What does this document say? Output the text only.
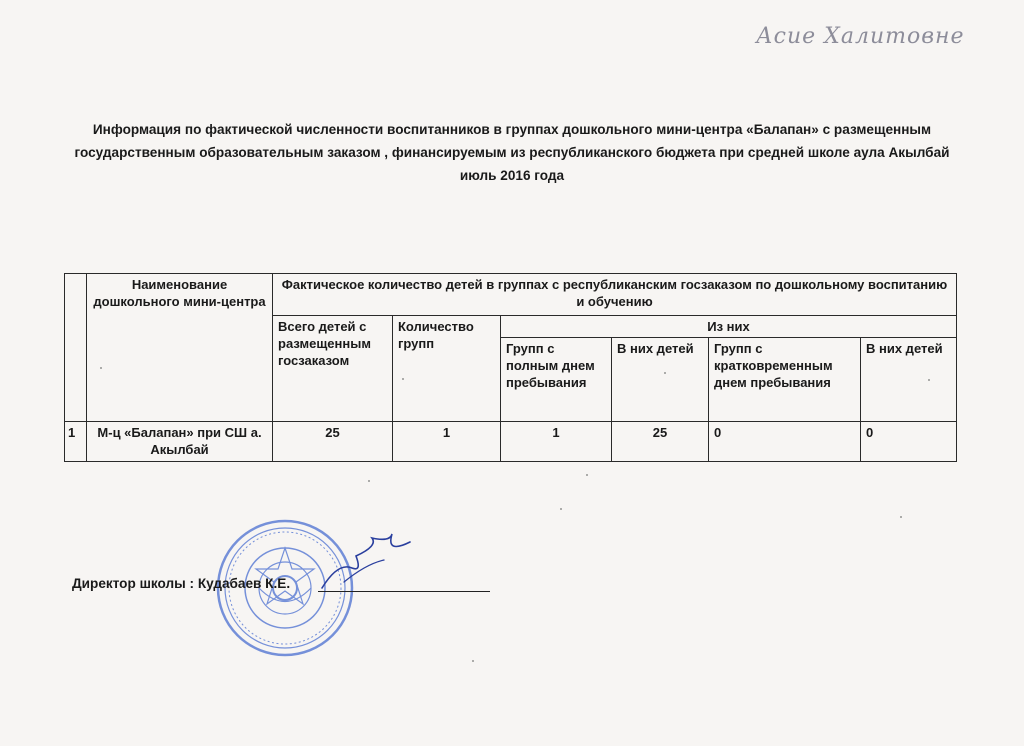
Асие Халитовне
Информация по фактической численности воспитанников в группах дошкольного мини-центра «Балапан» с размещенным государственным образовательным заказом , финансируемым из республиканского бюджета при средней школе аула Акылбай июль 2016 года
	Наименование дошкольного мини-центра	Фактическое количество детей в группах с республиканским госзаказом по дошкольному воспитанию и обучению					
		Всего детей с размещенным госзаказом	Количество групп	Из них			
				Групп с полным днем пребывания	В них детей	Групп с кратковременным днем пребывания	В них детей
1	М-ц «Балапан» при СШ а. Акылбай	25	1	1	25	0	0
Директор школы : Кудабаев К.Е.
